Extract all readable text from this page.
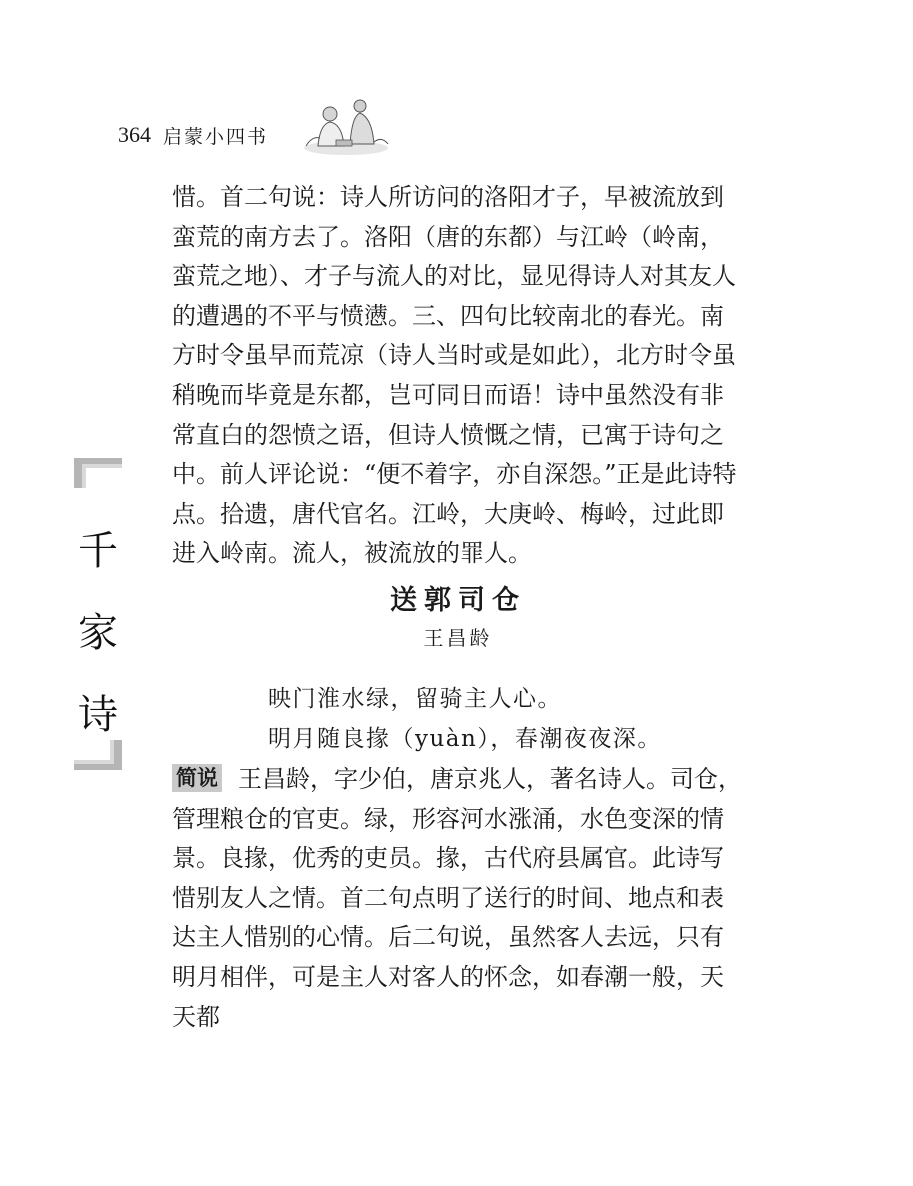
364 启蒙小四书
千
家
诗
惜。首二句说：诗人所访问的洛阳才子，早被流放到蛮荒的南方去了。洛阳（唐的东都）与江岭（岭南，蛮荒之地）、才子与流人的对比，显见得诗人对其友人的遭遇的不平与愤懑。三、四句比较南北的春光。南方时令虽早而荒凉（诗人当时或是如此），北方时令虽稍晚而毕竟是东都，岂可同日而语！诗中虽然没有非常直白的怨愤之语，但诗人愤慨之情，已寓于诗句之中。前人评论说：“便不着字，亦自深怨。”正是此诗特点。拾遗，唐代官名。江岭，大庚岭、梅岭，过此即进入岭南。流人，被流放的罪人。
送郭司仓
王昌龄
映门淮水绿，留骑主人心。
明月随良掾（yuàn），春潮夜夜深。
简说 王昌龄，字少伯，唐京兆人，著名诗人。司仓，管理粮仓的官吏。绿，形容河水涨涌，水色变深的情景。良掾，优秀的吏员。掾，古代府县属官。此诗写惜别友人之情。首二句点明了送行的时间、地点和表达主人惜别的心情。后二句说，虽然客人去远，只有明月相伴，可是主人对客人的怀念，如春潮一般，天天都
